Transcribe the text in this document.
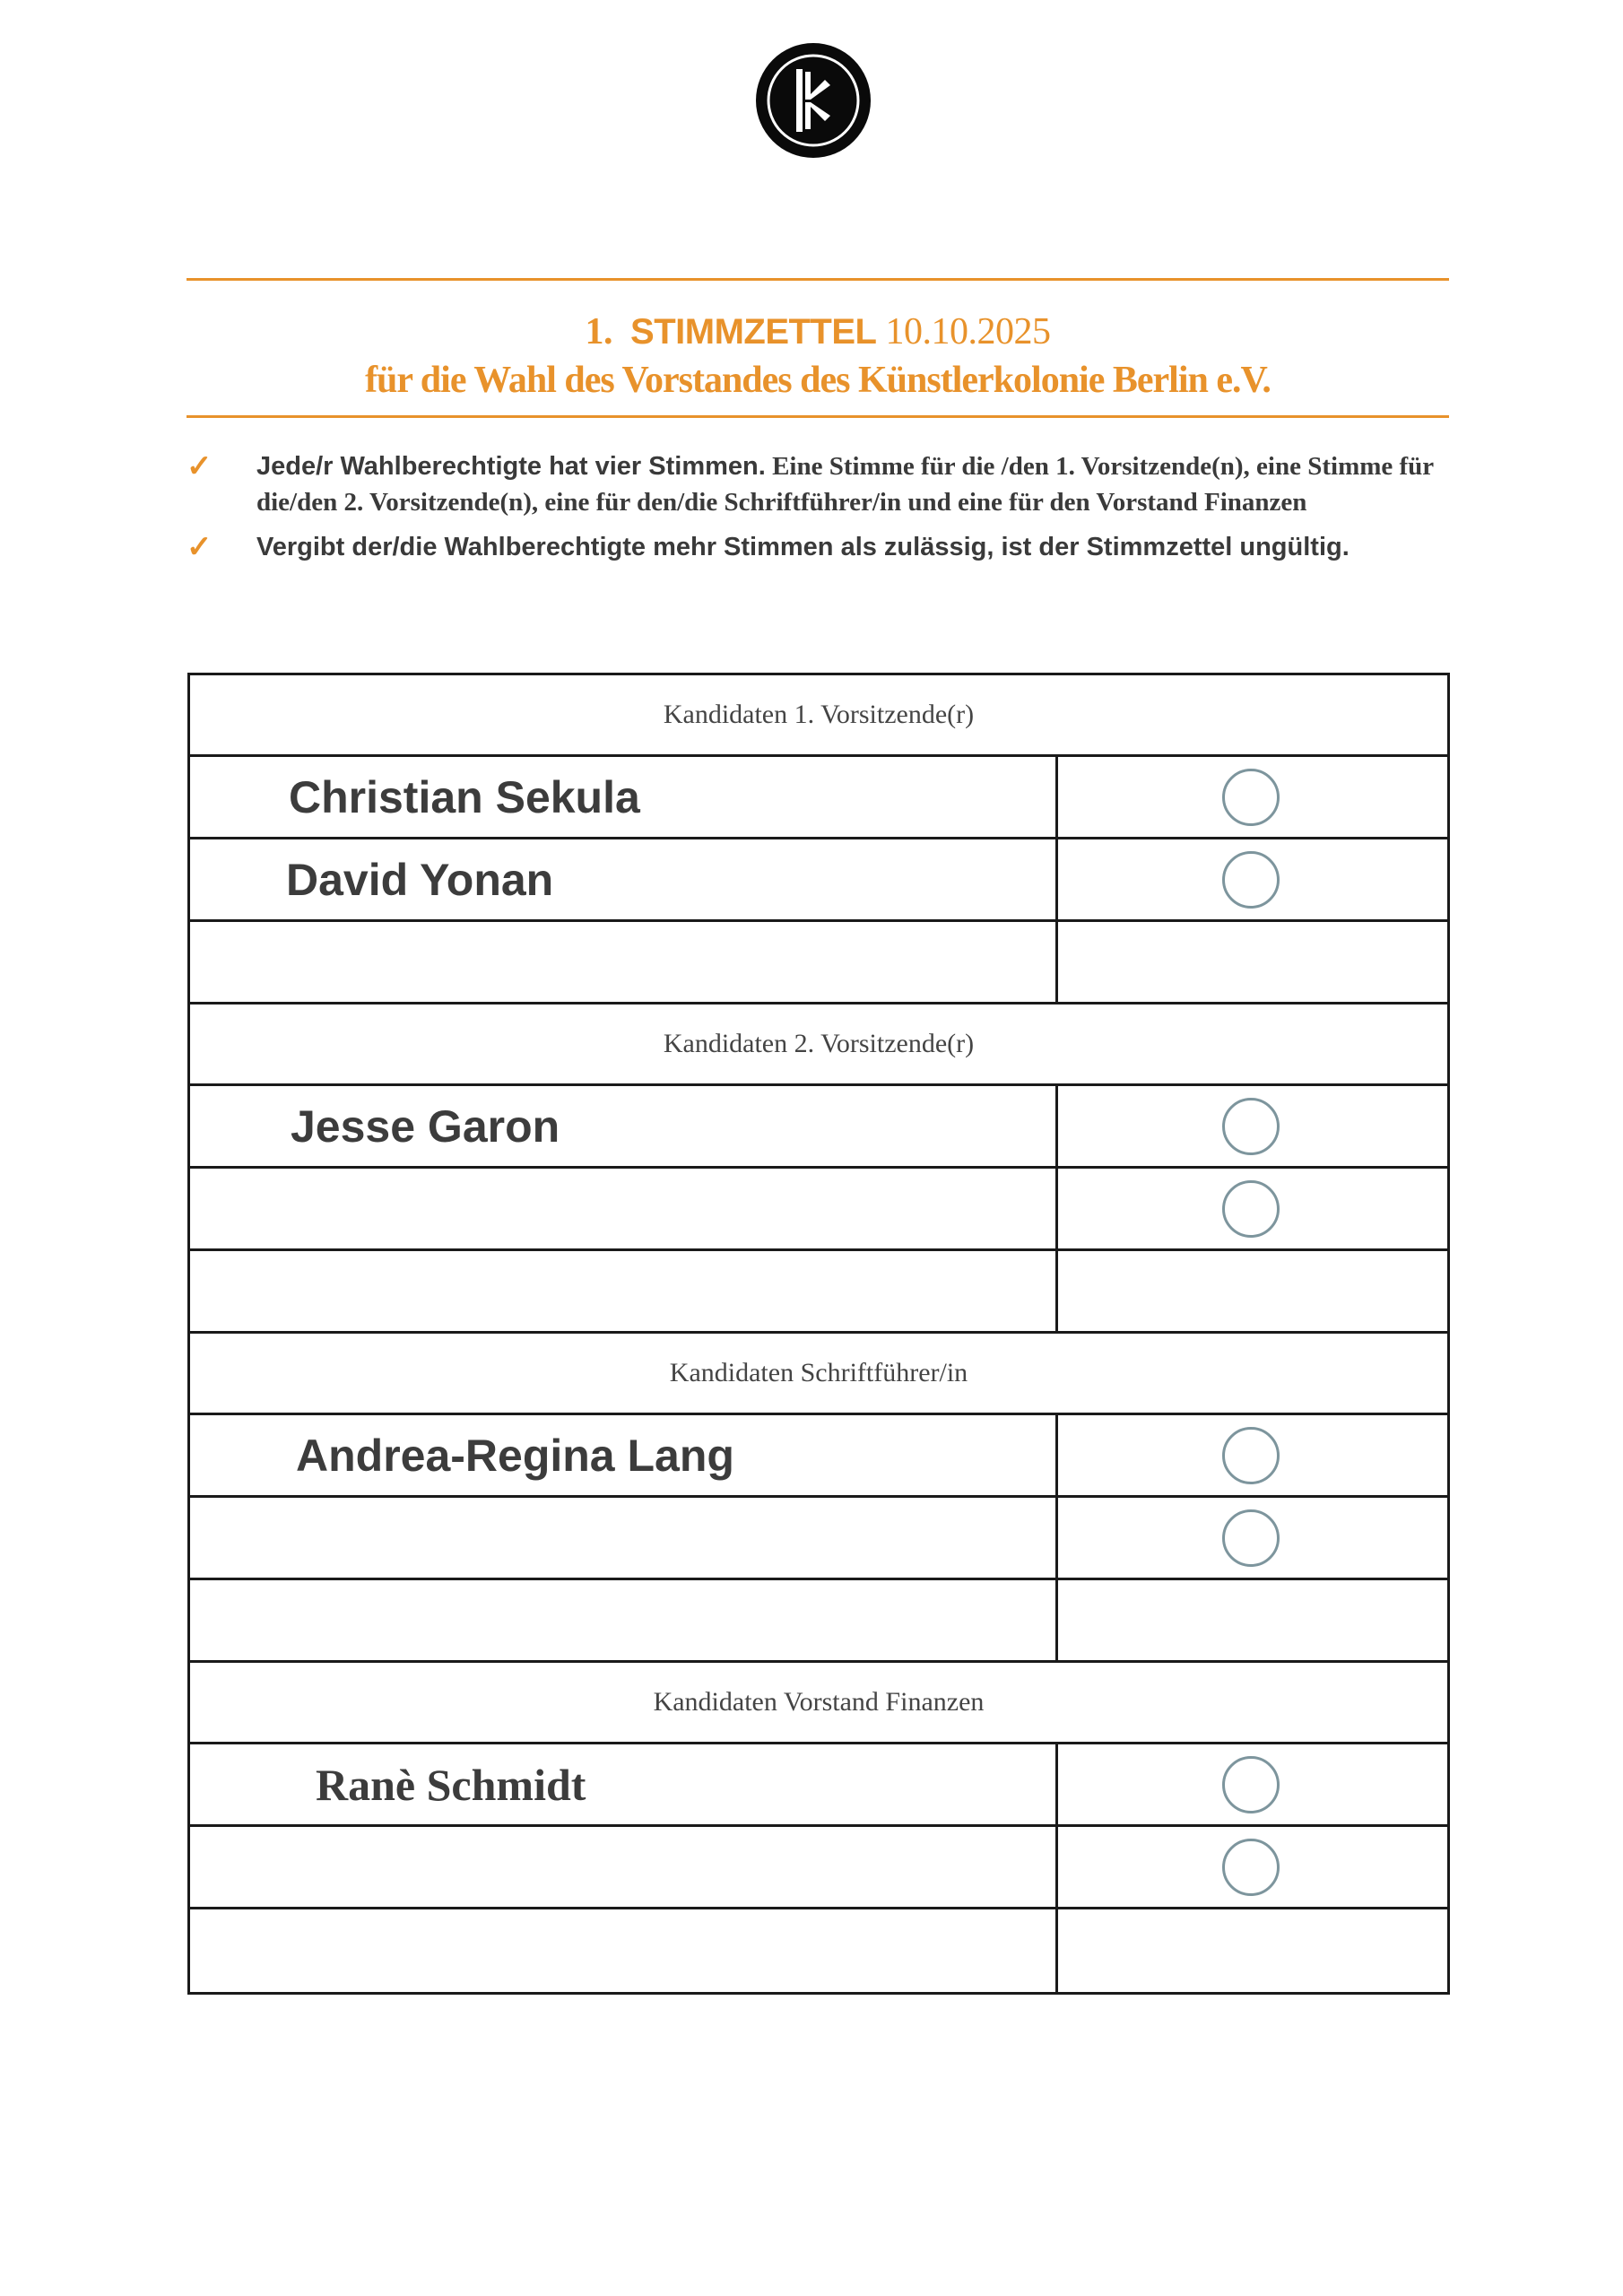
1. STIMMZETTEL 10.10.2025
für die Wahl des Vorstandes des Künstlerkolonie Berlin e.V.
✓ Jede/r Wahlberechtigte hat vier Stimmen. Eine Stimme für die /den 1. Vorsitzende(n), eine Stimme für die/den 2. Vorsitzende(n), eine für den/die Schriftführer/in und eine für den Vorstand Finanzen
✓ Vergibt der/die Wahlberechtigte mehr Stimmen als zulässig, ist der Stimmzettel ungültig.
Kandidaten 1. Vorsitzende(r)
Christian Sekula
David Yonan
Kandidaten 2. Vorsitzende(r)
Jesse Garon
Kandidaten Schriftführer/in
Andrea-Regina Lang
Kandidaten Vorstand Finanzen
Ranè Schmidt
